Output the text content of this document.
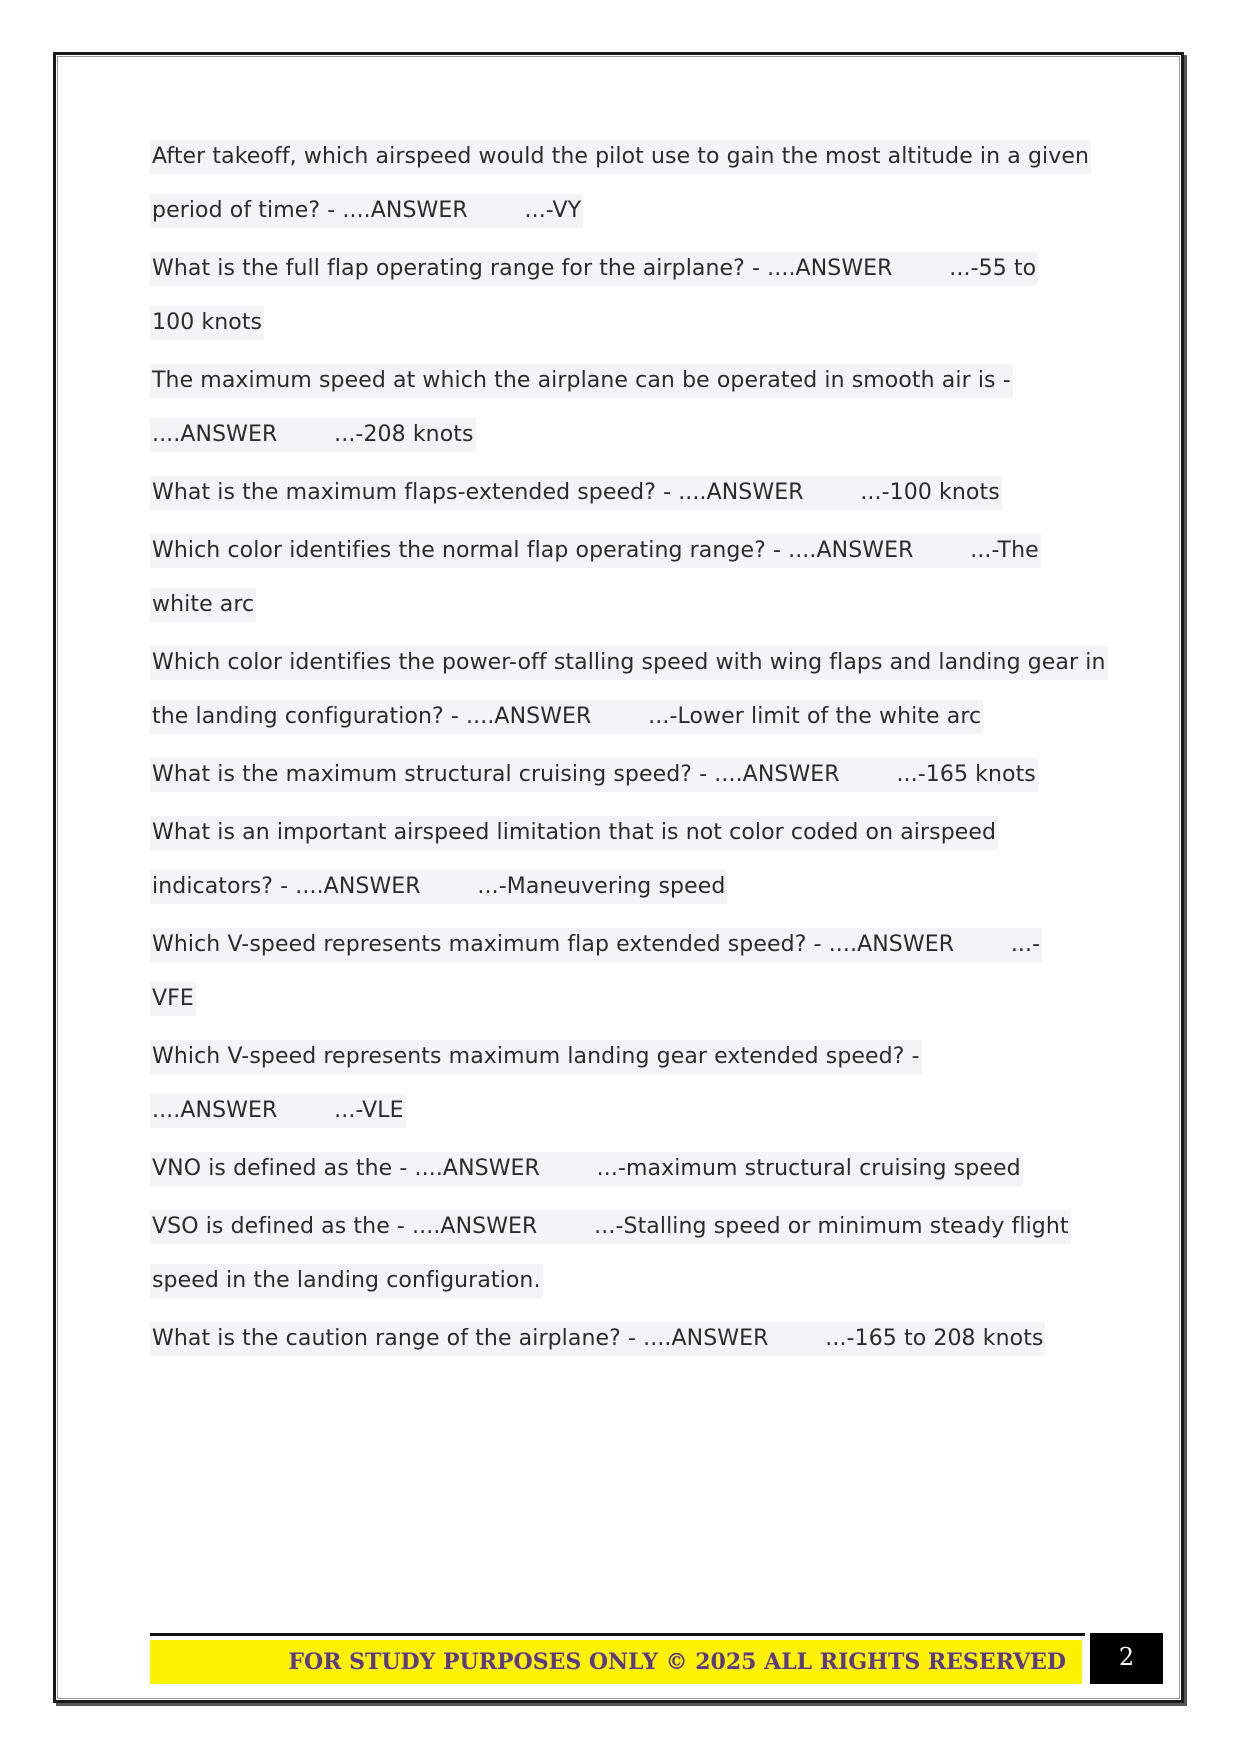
After takeoff, which airspeed would the pilot use to gain the most altitude in a given
period of time? - ....ANSWER        ...-VY
What is the full flap operating range for the airplane? - ....ANSWER        ...-55 to
100 knots
The maximum speed at which the airplane can be operated in smooth air is -
....ANSWER        ...-208 knots
What is the maximum flaps-extended speed? - ....ANSWER        ...-100 knots
Which color identifies the normal flap operating range? - ....ANSWER        ...-The
white arc
Which color identifies the power-off stalling speed with wing flaps and landing gear in
the landing configuration? - ....ANSWER        ...-Lower limit of the white arc
What is the maximum structural cruising speed? - ....ANSWER        ...-165 knots
What is an important airspeed limitation that is not color coded on airspeed
indicators? - ....ANSWER        ...-Maneuvering speed
Which V-speed represents maximum flap extended speed? - ....ANSWER        ...-
VFE
Which V-speed represents maximum landing gear extended speed? -
....ANSWER        ...-VLE
VNO is defined as the - ....ANSWER        ...-maximum structural cruising speed
VSO is defined as the - ....ANSWER        ...-Stalling speed or minimum steady flight
speed in the landing configuration.
What is the caution range of the airplane? - ....ANSWER        ...-165 to 208 knots
FOR STUDY PURPOSES ONLY © 2025 ALL RIGHTS RESERVED	2
